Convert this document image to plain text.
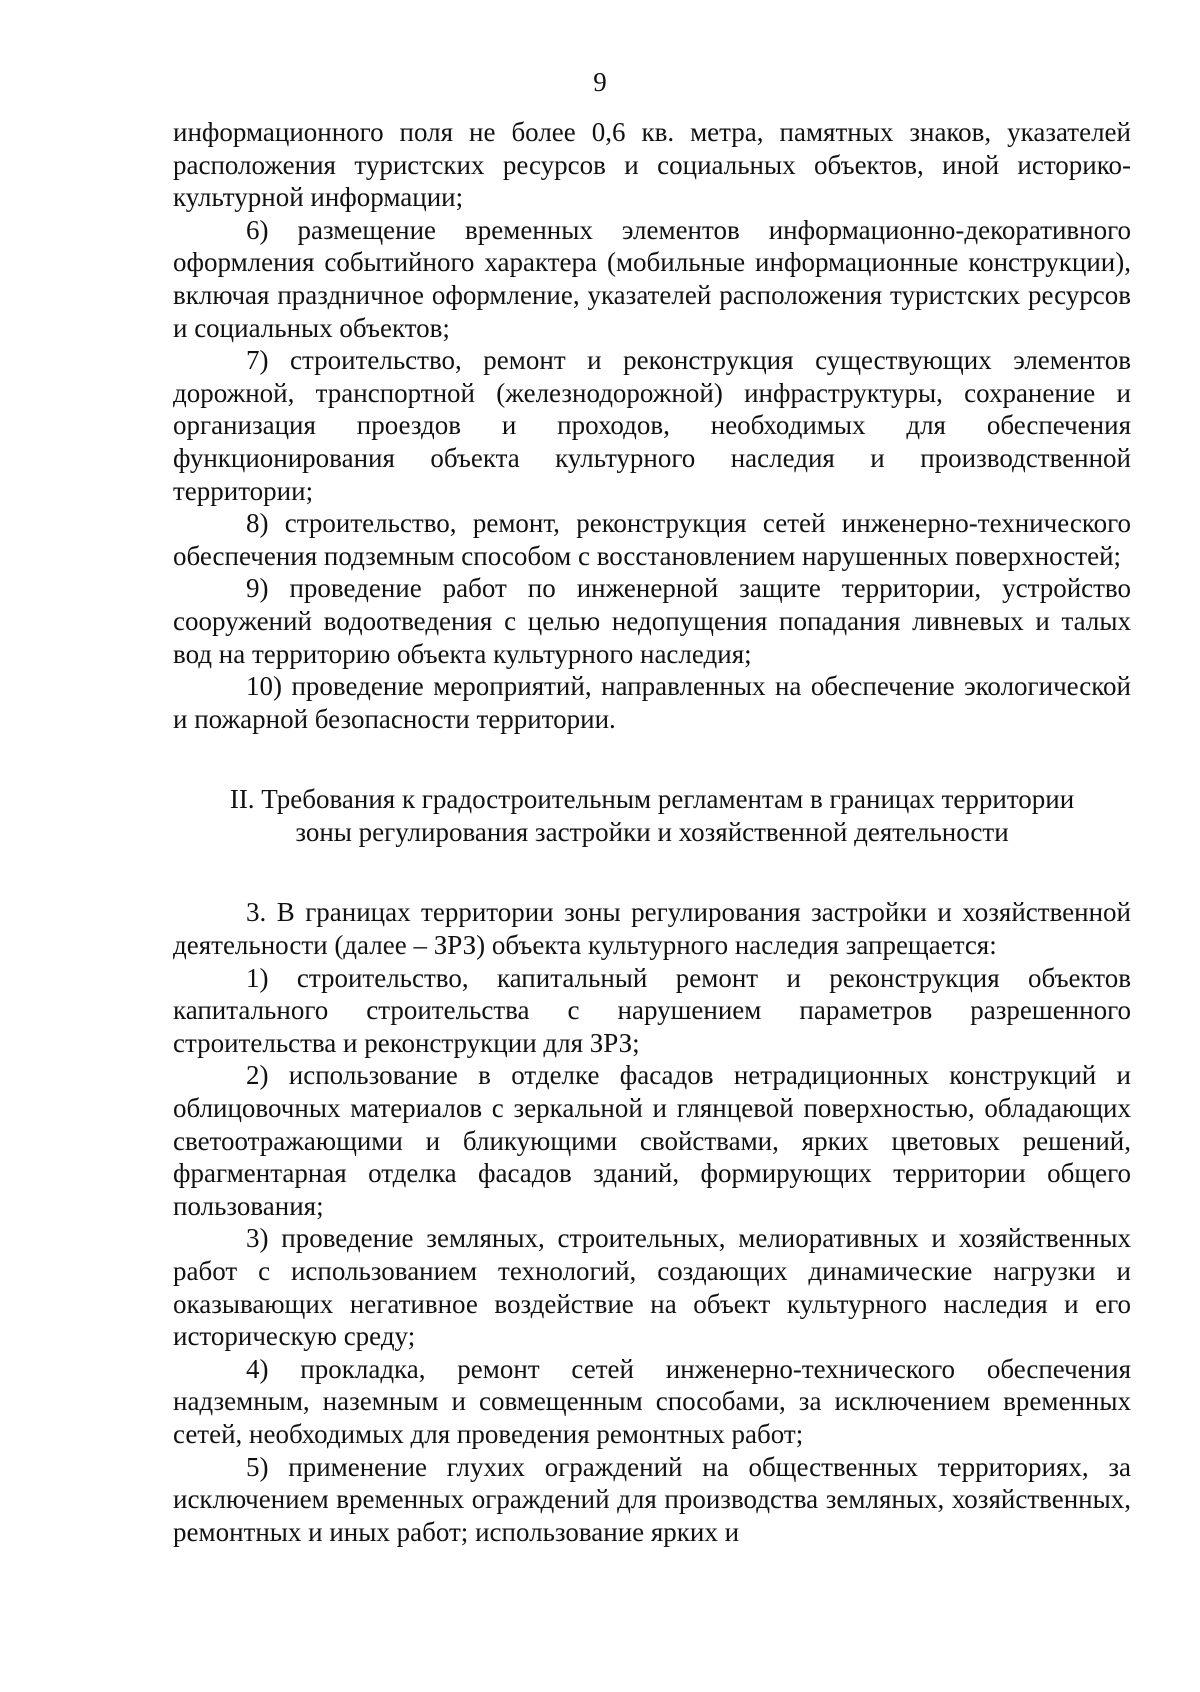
9

информационного поля не более 0,6 кв. метра, памятных знаков, указателей расположения туристских ресурсов и социальных объектов, иной историко-культурной информации;

6) размещение временных элементов информационно-декоративного оформления событийного характера (мобильные информационные конструкции), включая праздничное оформление, указателей расположения туристских ресурсов и социальных объектов;

7) строительство, ремонт и реконструкция существующих элементов дорожной, транспортной (железнодорожной) инфраструктуры, сохранение и организация проездов и проходов, необходимых для обеспечения функционирования объекта культурного наследия и производственной территории;

8) строительство, ремонт, реконструкция сетей инженерно-технического обеспечения подземным способом с восстановлением нарушенных поверхностей;

9) проведение работ по инженерной защите территории, устройство сооружений водоотведения с целью недопущения попадания ливневых и талых вод на территорию объекта культурного наследия;

10) проведение мероприятий, направленных на обеспечение экологической и пожарной безопасности территории.

II. Требования к градостроительным регламентам в границах территории
зоны регулирования застройки и хозяйственной деятельности

3. В границах территории зоны регулирования застройки и хозяйственной деятельности (далее – ЗРЗ) объекта культурного наследия запрещается:

1) строительство, капитальный ремонт и реконструкция объектов капитального строительства с нарушением параметров разрешенного строительства и реконструкции для ЗРЗ;

2) использование в отделке фасадов нетрадиционных конструкций и облицовочных материалов с зеркальной и глянцевой поверхностью, обладающих светоотражающими и бликующими свойствами, ярких цветовых решений, фрагментарная отделка фасадов зданий, формирующих территории общего пользования;

3) проведение земляных, строительных, мелиоративных и хозяйственных работ с использованием технологий, создающих динамические нагрузки и оказывающих негативное воздействие на объект культурного наследия и его историческую среду;

4) прокладка, ремонт сетей инженерно-технического обеспечения надземным, наземным и совмещенным способами, за исключением временных сетей, необходимых для проведения ремонтных работ;

5) применение глухих ограждений на общественных территориях, за исключением временных ограждений для производства земляных, хозяйственных, ремонтных и иных работ; использование ярких и
